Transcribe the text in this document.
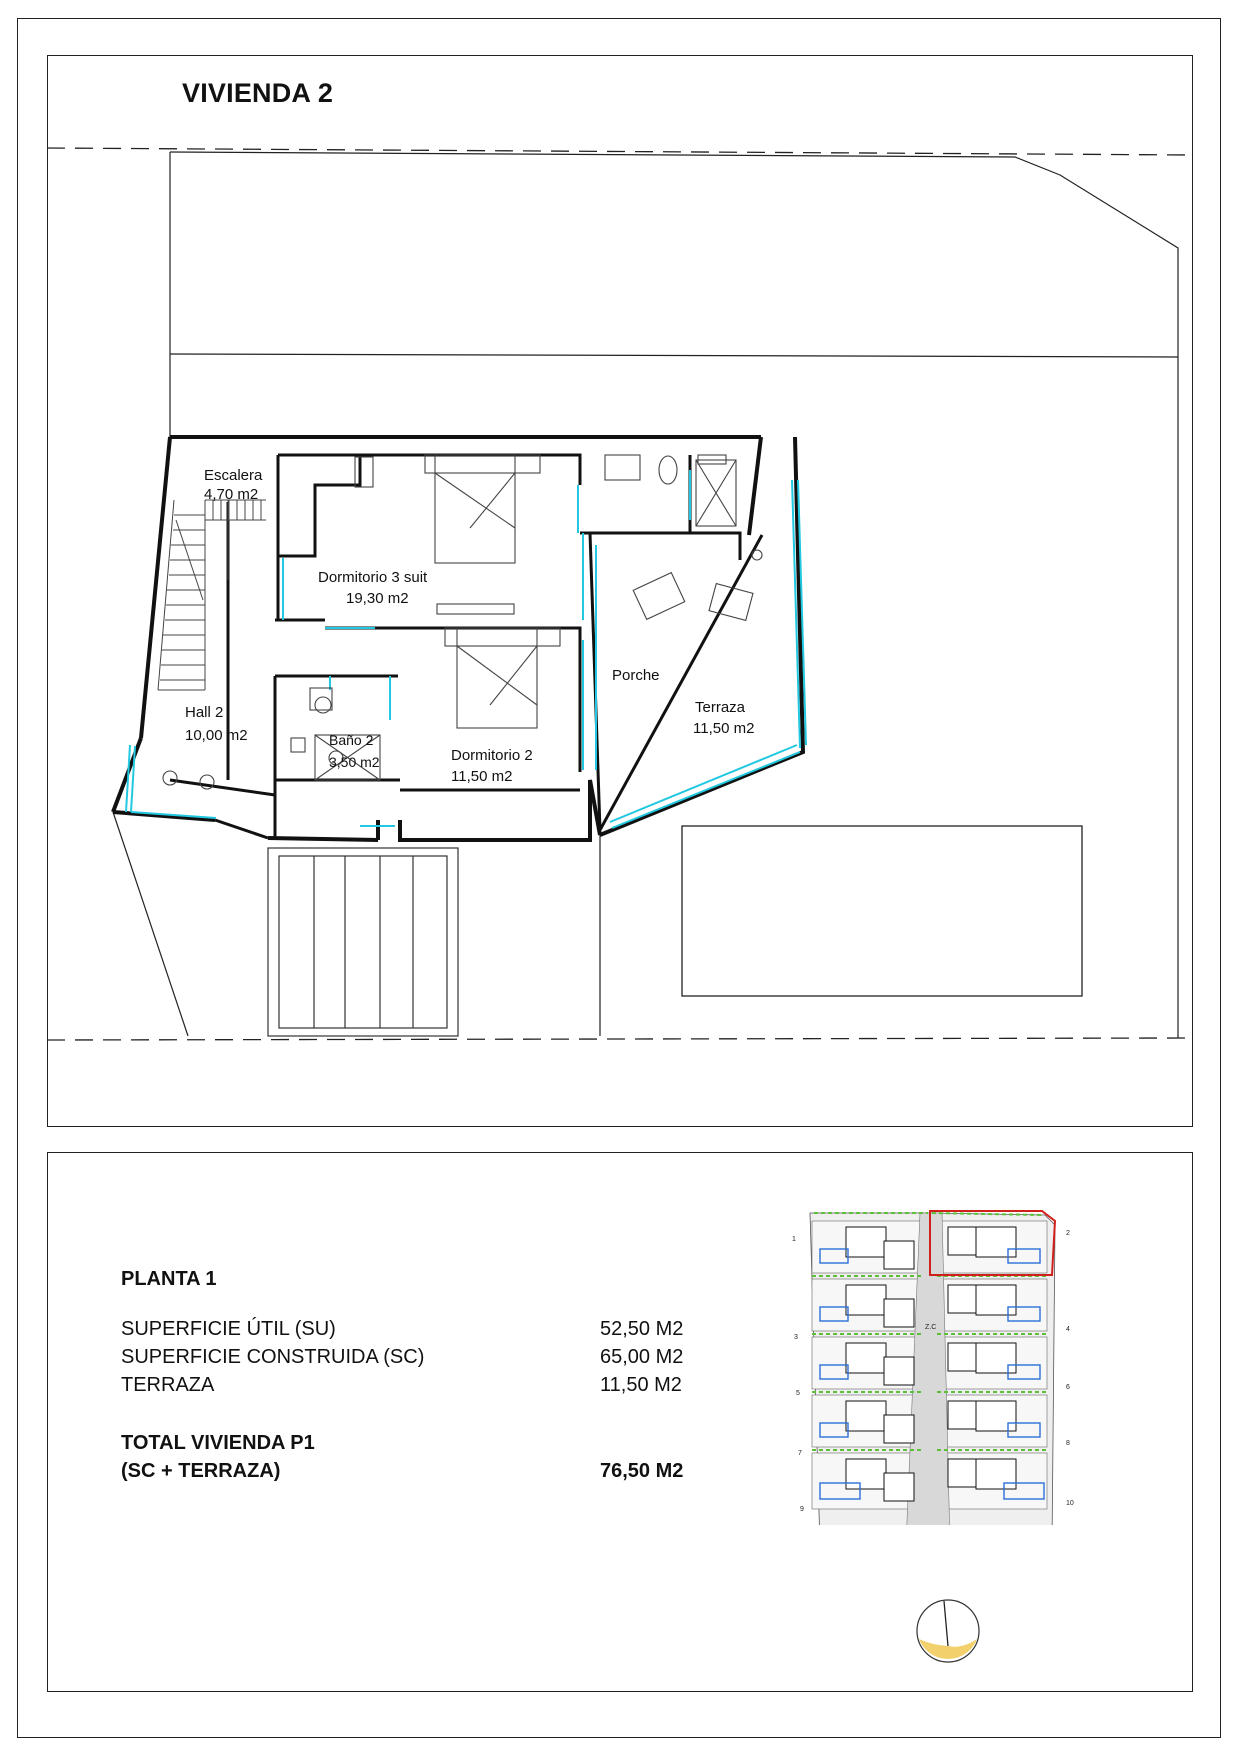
VIVIENDA 2
Escalera
4,70 m2
Dormitorio 3 suit
19,30 m2
Porche
Terraza
11,50 m2
Hall 2
10,00 m2	Baño 2
3,50 m2	Dormitorio 2
11,50 m2
PLANTA 1
SUPERFICIE ÚTIL (SU)	52,50 M2
SUPERFICIE CONSTRUIDA (SC)	65,00 M2
TERRAZA	11,50 M2
TOTAL VIVIENDA P1
(SC + TERRAZA)	76,50 M2
1
2
3
4
5
6
7
8
9
10
Z.C
